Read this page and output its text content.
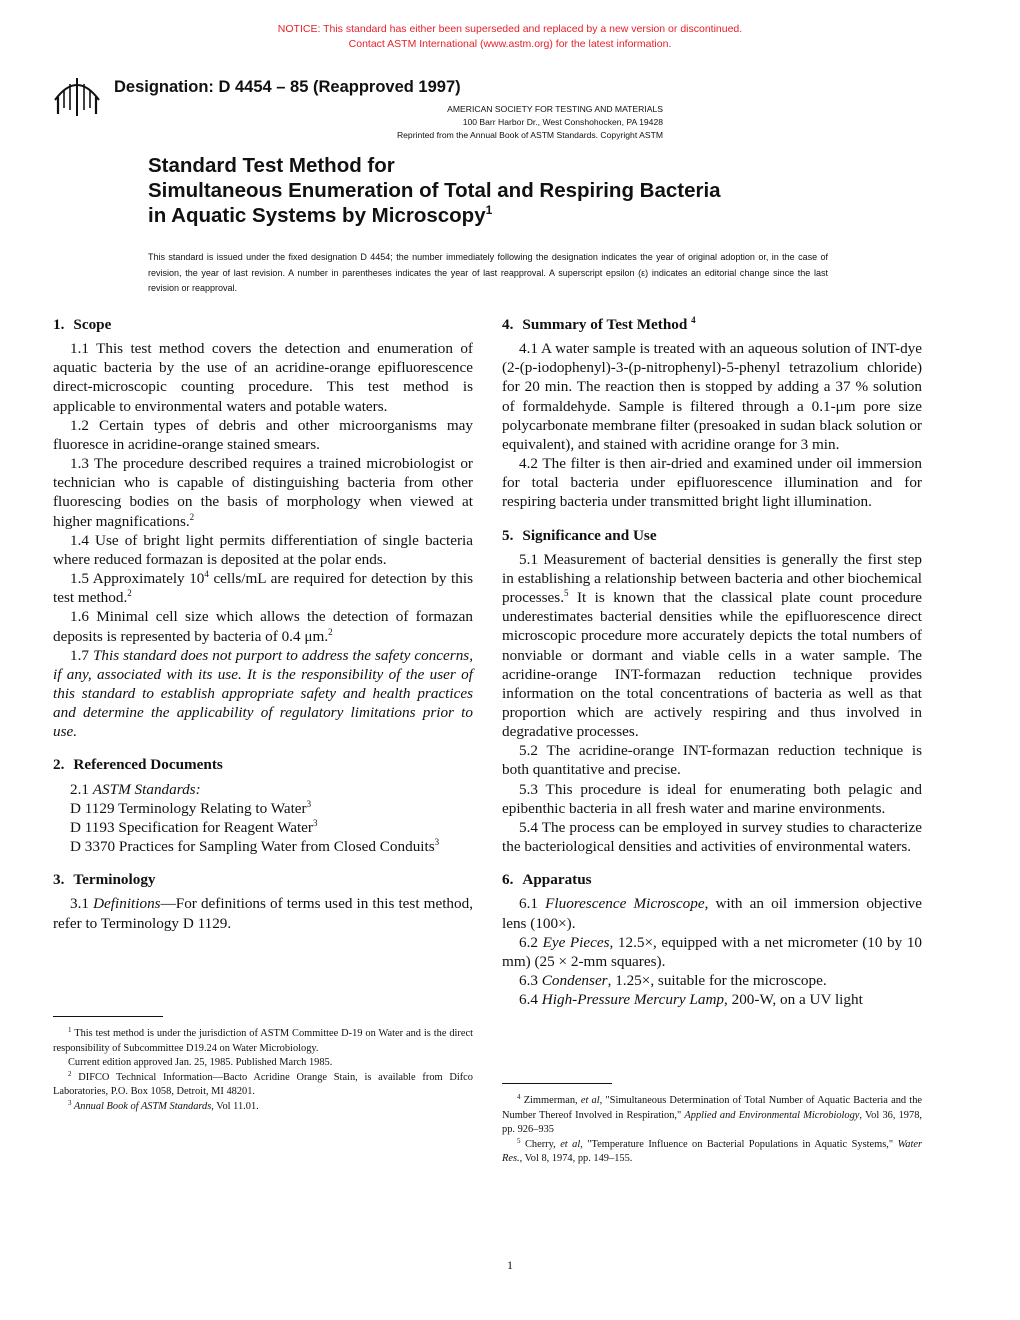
NOTICE: This standard has either been superseded and replaced by a new version or discontinued.
Contact ASTM International (www.astm.org) for the latest information.
Designation: D 4454 – 85 (Reapproved 1997)
AMERICAN SOCIETY FOR TESTING AND MATERIALS
100 Barr Harbor Dr., West Conshohocken, PA 19428
Reprinted from the Annual Book of ASTM Standards. Copyright ASTM
Standard Test Method for
Simultaneous Enumeration of Total and Respiring Bacteria
in Aquatic Systems by Microscopy$^1$
This standard is issued under the fixed designation D 4454; the number immediately following the designation indicates the year of original adoption or, in the case of revision, the year of last revision. A number in parentheses indicates the year of last reapproval. A superscript epsilon (ε) indicates an editorial change since the last revision or reapproval.
1. Scope

1.1 This test method covers the detection and enumeration of aquatic bacteria by the use of an acridine-orange epifluorescence direct-microscopic counting procedure. This test method is applicable to environmental waters and potable waters.

1.2 Certain types of debris and other microorganisms may fluoresce in acridine-orange stained smears.

1.3 The procedure described requires a trained microbiologist or technician who is capable of distinguishing bacteria from other fluorescing bodies on the basis of morphology when viewed at higher magnifications.$^2$

1.4 Use of bright light permits differentiation of single bacteria where reduced formazan is deposited at the polar ends.

1.5 Approximately $10^4$ cells/mL are required for detection by this test method.$^2$

1.6 Minimal cell size which allows the detection of formazan deposits is represented by bacteria of 0.4 μm.$^2$

1.7 This standard does not purport to address the safety concerns, if any, associated with its use. It is the responsibility of the user of this standard to establish appropriate safety and health practices and determine the applicability of regulatory limitations prior to use.

2. Referenced Documents

2.1 ASTM Standards:

D 1129 Terminology Relating to Water$^3$

D 1193 Specification for Reagent Water$^3$

D 3370 Practices for Sampling Water from Closed Conduits$^3$

3. Terminology

3.1 Definitions—For definitions of terms used in this test method, refer to Terminology D 1129.

$^1$ This test method is under the jurisdiction of ASTM Committee D-19 on Water and is the direct responsibility of Subcommittee D19.24 on Water Microbiology.

Current edition approved Jan. 25, 1985. Published March 1985.

$^2$ DIFCO Technical Information—Bacto Acridine Orange Stain, is available from Difco Laboratories, P.O. Box 1058, Detroit, MI 48201.

$^3$ Annual Book of ASTM Standards, Vol 11.01.

4. Summary of Test Method $^4$

4.1 A water sample is treated with an aqueous solution of INT-dye (2-(p-iodophenyl)-3-(p-nitrophenyl)-5-phenyl tetrazolium chloride) for 20 min. The reaction then is stopped by adding a 37 % solution of formaldehyde. Sample is filtered through a 0.1-μm pore size polycarbonate membrane filter (presoaked in sudan black solution or equivalent), and stained with acridine orange for 3 min.

4.2 The filter is then air-dried and examined under oil immersion for total bacteria under epifluorescence illumination and for respiring bacteria under transmitted bright light illumination.

5. Significance and Use

5.1 Measurement of bacterial densities is generally the first step in establishing a relationship between bacteria and other biochemical processes.$^5$ It is known that the classical plate count procedure underestimates bacterial densities while the epifluorescence direct microscopic procedure more accurately depicts the total numbers of nonviable or dormant and viable cells in a water sample. The acridine-orange INT-formazan reduction technique provides information on the total concentrations of bacteria as well as that proportion which are actively respiring and thus involved in degradative processes.

5.2 The acridine-orange INT-formazan reduction technique is both quantitative and precise.

5.3 This procedure is ideal for enumerating both pelagic and epibenthic bacteria in all fresh water and marine environments.

5.4 The process can be employed in survey studies to characterize the bacteriological densities and activities of environmental waters.

6. Apparatus

6.1 Fluorescence Microscope, with an oil immersion objective lens (100×).

6.2 Eye Pieces, 12.5×, equipped with a net micrometer (10 by 10 mm) (25 × 2-mm squares).

6.3 Condenser, 1.25×, suitable for the microscope.

6.4 High-Pressure Mercury Lamp, 200-W, on a UV light

$^4$ Zimmerman, et al, "Simultaneous Determination of Total Number of Aquatic Bacteria and the Number Thereof Involved in Respiration," Applied and Environmental Microbiology, Vol 36, 1978, pp. 926–935

$^5$ Cherry, et al, "Temperature Influence on Bacterial Populations in Aquatic Systems," Water Res., Vol 8, 1974, pp. 149–155.

1
